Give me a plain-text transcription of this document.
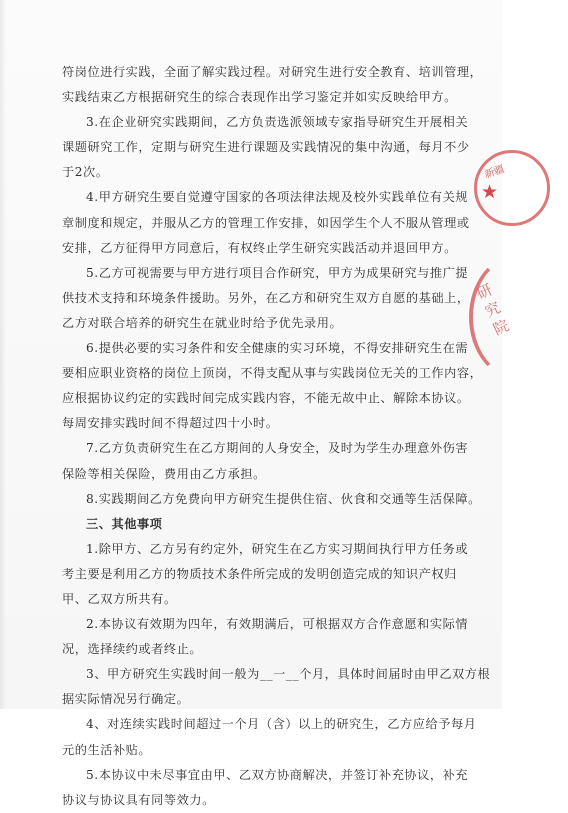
符岗位进行实践，全面了解实践过程。对研究生进行安全教育、培训管理，
实践结束乙方根据研究生的综合表现作出学习鉴定并如实反映给甲方。
3.在企业研究实践期间，乙方负责选派领域专家指导研究生开展相关
课题研究工作，定期与研究生进行课题及实践情况的集中沟通，每月不少
于2次。
4.甲方研究生要自觉遵守国家的各项法律法规及校外实践单位有关规
章制度和规定，并服从乙方的管理工作安排，如因学生个人不服从管理或
安排，乙方征得甲方同意后，有权终止学生研究实践活动并退回甲方。
5.乙方可视需要与甲方进行项目合作研究，甲方为成果研究与推广提
供技术支持和环境条件援助。另外，在乙方和研究生双方自愿的基础上，
乙方对联合培养的研究生在就业时给予优先录用。
6.提供必要的实习条件和安全健康的实习环境，不得安排研究生在需
要相应职业资格的岗位上顶岗，不得支配从事与实践岗位无关的工作内容，
应根据协议约定的实践时间完成实践内容，不能无故中止、解除本协议。
每周安排实践时间不得超过四十小时。
7.乙方负责研究生在乙方期间的人身安全，及时为学生办理意外伤害
保险等相关保险，费用由乙方承担。
8.实践期间乙方免费向甲方研究生提供住宿、伙食和交通等生活保障。
三、其他事项
1.除甲方、乙方另有约定外，研究生在乙方实习期间执行甲方任务或
考主要是利用乙方的物质技术条件所完成的发明创造完成的知识产权归
甲、乙双方所共有。
2.本协议有效期为四年，有效期满后，可根据双方合作意愿和实际情
况，选择续约或者终止。
3、甲方研究生实践时间一般为__一__个月，具体时间届时由甲乙双方根
据实际情况另行确定。
4、对连续实践时间超过一个月（含）以上的研究生，乙方应给予每月
元的生活补贴。
5.本协议中未尽事宜由甲、乙双方协商解决，并签订补充协议，补充
协议与协议具有同等效力。
★
新疆
研 究 院
